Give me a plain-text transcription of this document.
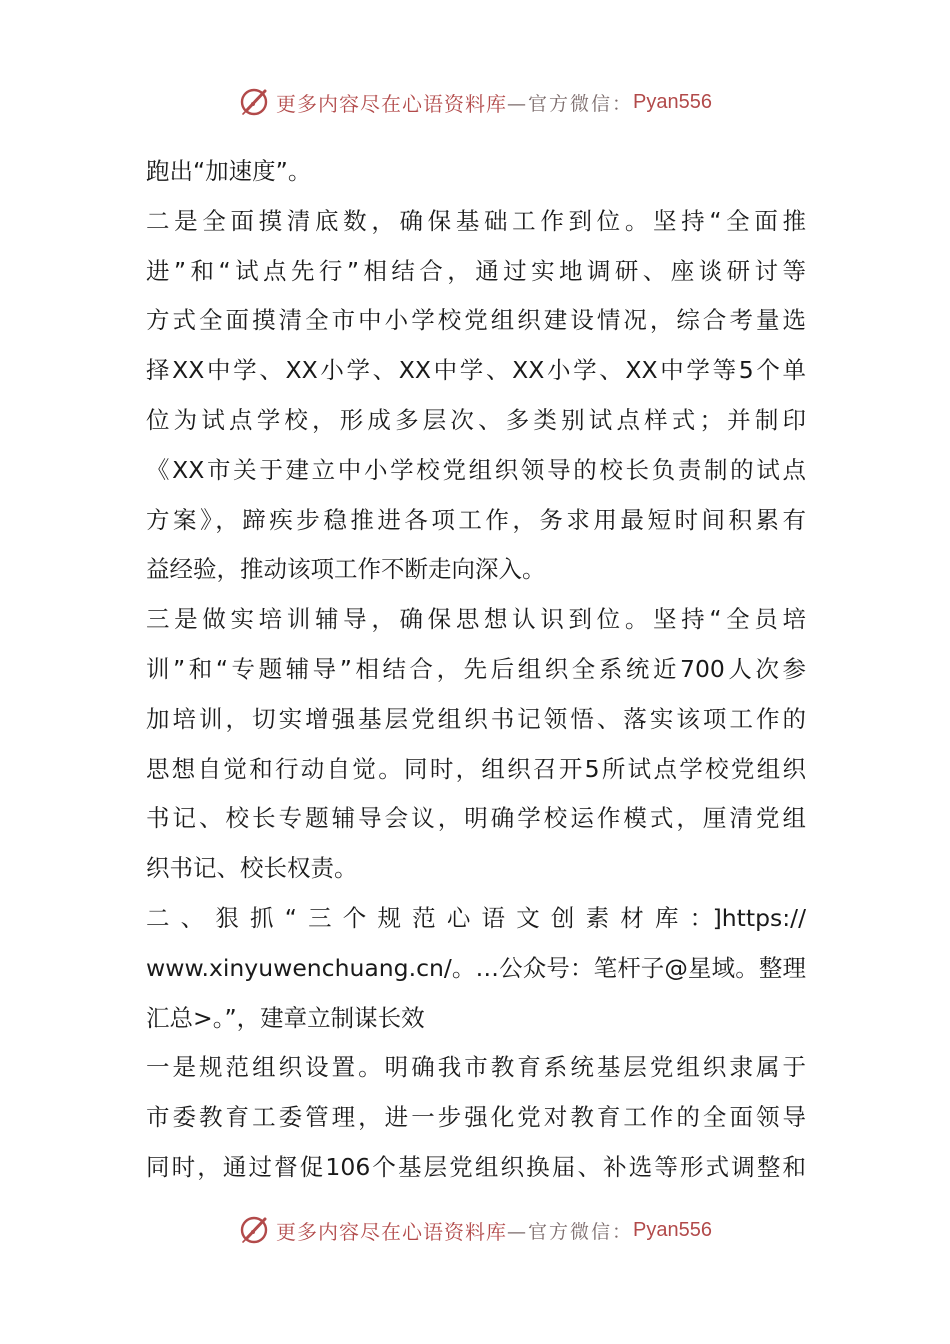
更多内容尽在心语资料库 —官方微信： Pyan556
跑出“加速度”。
二是全面摸清底数，确保基础工作到位。坚持“全面推
进”和“试点先行”相结合，通过实地调研、座谈研讨等
方式全面摸清全市中小学校党组织建设情况，综合考量选
择XX中学、XX小学、XX中学、XX小学、XX中学等5个单
位为试点学校，形成多层次、多类别试点样式；并制印
《XX市关于建立中小学校党组织领导的校长负责制的试点
方案》，蹄疾步稳推进各项工作，务求用最短时间积累有
益经验，推动该项工作不断走向深入。
三是做实培训辅导，确保思想认识到位。坚持“全员培
训”和“专题辅导”相结合，先后组织全系统近700人次参
加培训，切实增强基层党组织书记领悟、落实该项工作的
思想自觉和行动自觉。同时，组织召开5所试点学校党组织
书记、校长专题辅导会议，明确学校运作模式，厘清党组
织书记、校长权责。
二、狠抓“三个规范心语文创素材库：]https://
www.xinyuwenchuang.cn/。…公众号：笔杆子@星域。整理
汇总>。”，建章立制谋长效
一是规范组织设置。明确我市教育系统基层党组织隶属于
市委教育工委管理，进一步强化党对教育工作的全面领导
同时，通过督促106个基层党组织换届、补选等形式调整和
更多内容尽在心语资料库 —官方微信： Pyan556
